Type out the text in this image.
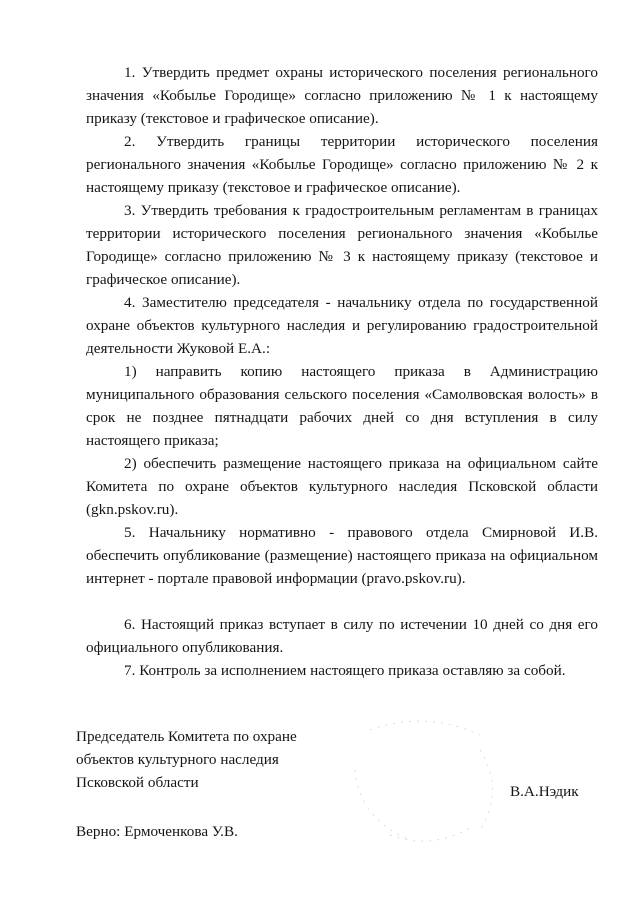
1. Утвердить предмет охраны исторического поселения регионального значения «Кобылье Городище» согласно приложению № 1 к настоящему приказу (текстовое и графическое описание).

2. Утвердить границы территории исторического поселения регионального значения «Кобылье Городище» согласно приложению № 2 к настоящему приказу (текстовое и графическое описание).

3. Утвердить требования к градостроительным регламентам в границах территории исторического поселения регионального значения «Кобылье Городище» согласно приложению № 3 к настоящему приказу (текстовое и графическое описание).

4. Заместителю председателя - начальнику отдела по государственной охране объектов культурного наследия и регулированию градостроительной деятельности Жуковой Е.А.:

1) направить копию настоящего приказа в Администрацию муниципального образования сельского поселения «Самолвовская волость» в срок не позднее пятнадцати рабочих дней со дня вступления в силу настоящего приказа;

2) обеспечить размещение настоящего приказа на официальном сайте Комитета по охране объектов культурного наследия Псковской области (gkn.pskov.ru).

5. Начальнику нормативно - правового отдела Смирновой И.В. обеспечить опубликование (размещение) настоящего приказа на официальном интернет - портале правовой информации (pravo.pskov.ru).

6. Настоящий приказ вступает в силу по истечении 10 дней со дня его официального опубликования.

7. Контроль за исполнением настоящего приказа оставляю за собой.

Председатель Комитета по охране

объектов культурного наследия

Псковской области

В.А.Нэдик

Верно: Ермоченкова У.В.
